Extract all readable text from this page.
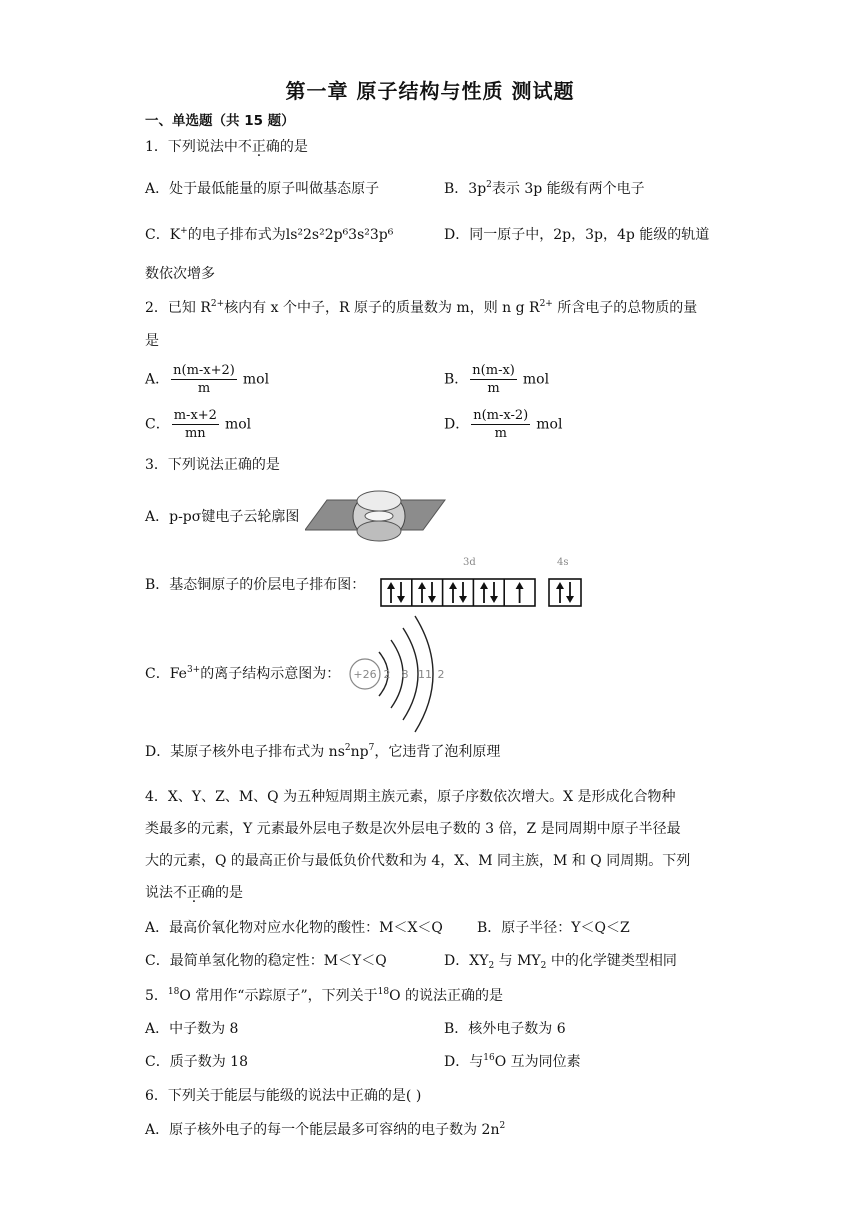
第一章 原子结构与性质 测试题
一、单选题（共 15 题）
1．下列说法中不正确的是
A．处于最低能量的原子叫做基态原子	B．$3p^2$表示 3p 能级有两个电子
C．K+的电子排布式为ls²2s²2p⁶3s²3p⁶	D．同一原子中，2p，3p，4p 能级的轨道
数依次增多
2．已知 $R^{2+}$核内有 x 个中子，R 原子的质量数为 m，则 n g $R^{2+}$ 所含电子的总物质的量
是
A． $\frac{n(m-x+2)}{m}$ mol	B． $\frac{n(m-x)}{m}$ mol
C． $\frac{m-x+2}{mn}$ mol	D． $\frac{n(m-x-2)}{m}$ mol
3．下列说法正确的是
A．p-pσ键电子云轮廓图
B．基态铜原子的价层电子排布图：
3d	4s
C．$Fe^{3+}$的离子结构示意图为： +26 2 8 11 2
D．某原子核外电子排布式为 $ns^2np^7$，它违背了泡利原理
4．X、Y、Z、M、Q 为五种短周期主族元素，原子序数依次增大。X 是形成化合物种
类最多的元素，Y 元素最外层电子数是次外层电子数的 3 倍，Z 是同周期中原子半径最
大的元素，Q 的最高正价与最低负价代数和为 4，X、M 同主族，M 和 Q 同周期。下列
说法不正确的是
A．最高价氧化物对应水化物的酸性：M＜X＜Q B．原子半径：Y＜Q＜Z
C．最简单氢化物的稳定性：M＜Y＜Q	D．$XY_2$ 与 $MY_2$ 中的化学键类型相同
5．$^{18}$O 常用作“示踪原子”，下列关于$^{18}$O 的说法正确的是
A．中子数为 8	B．核外电子数为 6
C．质子数为 18	D．与$^{16}$O 互为同位素
6．下列关于能层与能级的说法中正确的是( )
A．原子核外电子的每一个能层最多可容纳的电子数为 $2n^2$
